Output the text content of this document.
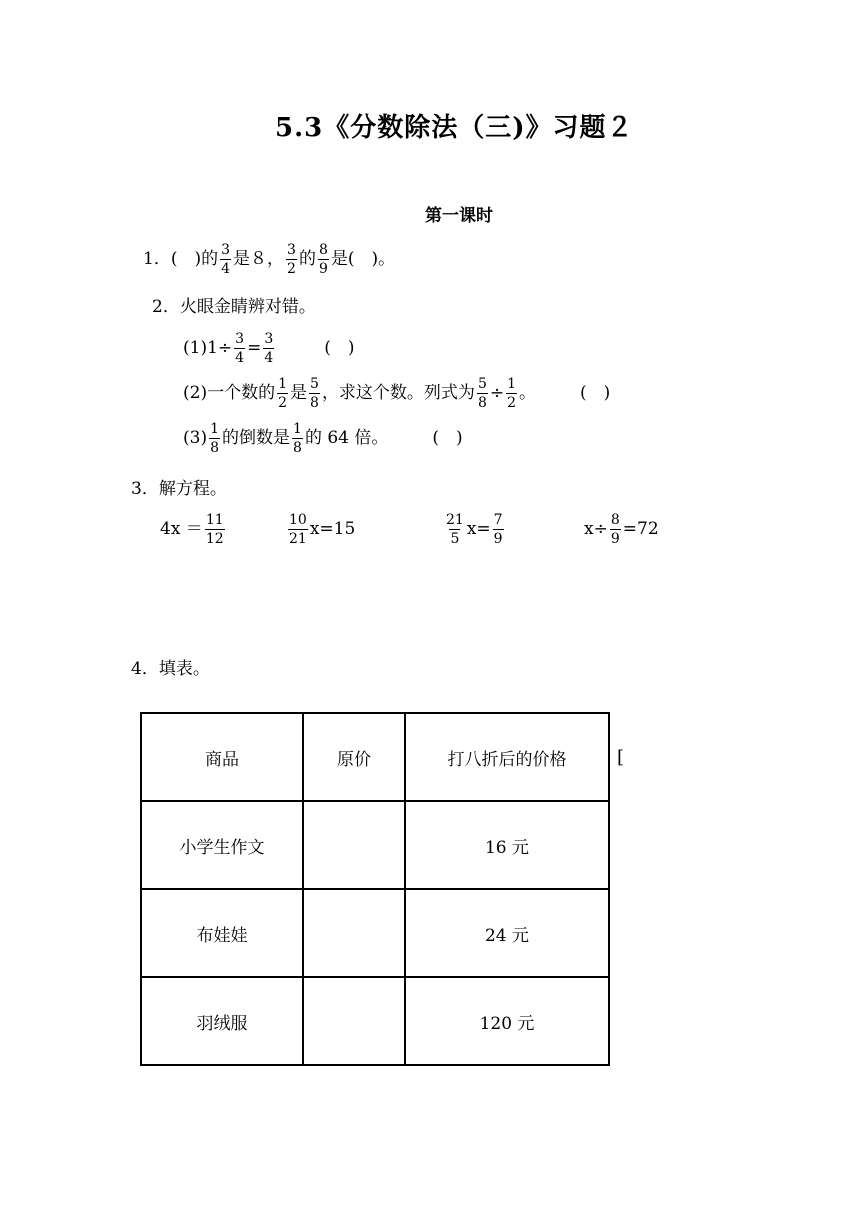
5.3《分数除法（三)》习题２
第一课时
1． (　)的 $\frac{3}{4}$ 是８， $\frac{3}{2}$ 的 $\frac{8}{9}$ 是(　)。
2．火眼金睛辨对错。
$(1)1\div \frac{3}{4} = \frac{3}{4}$	(　)
(2)一个数的 $\frac{1}{2}$ 是 $\frac{5}{8}$ ，求这个数。列式为 $\frac{5}{8} \div \frac{1}{2}$ 。	(　)
$(3) \frac{1}{8}$ 的倒数是 $\frac{1}{8}$ 的 64 倍。	(　)
3．解方程。
$4x = \frac{11}{12}$	$\frac{10}{21} x=15$	$\frac{21}{5} x= \frac{7}{9}$	$x\div \frac{8}{9} =72$
4．填表。
商品	原价	打八折后的价格
小学生作文		16 元
布娃娃		24 元
羽绒服		120 元
[
